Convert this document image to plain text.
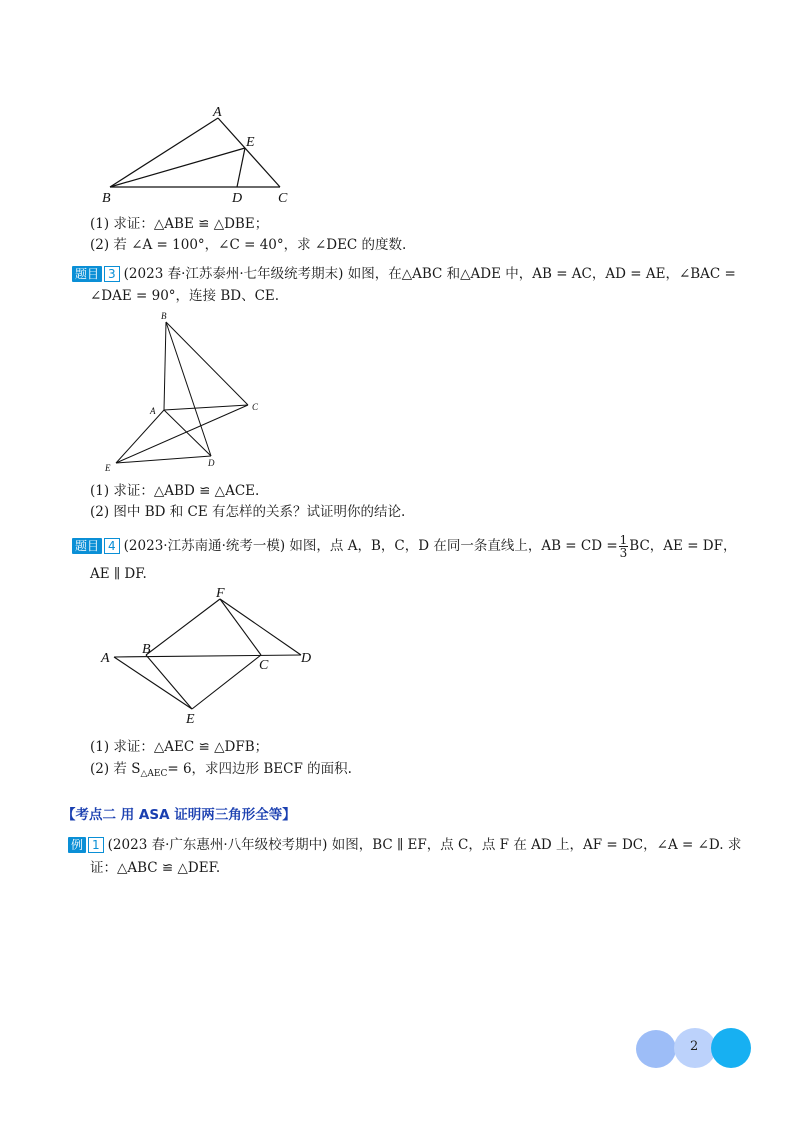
A
E
B	D	C
(1) 求证：△ABE ≌ △DBE；
(2) 若 ∠A = 100°，∠C = 40°，求 ∠DEC 的度数.
题目 3 (2023 春·江苏泰州·七年级统考期末) 如图，在△ABC 和△ADE 中，AB = AC，AD = AE，∠BAC =
∠DAE = 90°，连接 BD、CE.
B
A	C
E	D
(1) 求证：△ABD ≌ △ACE.
(2) 图中 BD 和 CE 有怎样的关系？试证明你的结论.
题目 4 (2023·江苏南通·统考一模) 如图，点 A，B，C，D 在同一条直线上，AB = CD = $\frac{1}{3}$ BC，AE = DF，
AE ∥ DF.
F
A
B
C D
E
(1) 求证：△AEC ≌ △DFB；
(2) 若 $S_{\triangle AEC}= 6$，求四边形 BECF 的面积.
【考点二 用 ASA 证明两三角形全等】
例 1 (2023 春·广东惠州·八年级校考期中) 如图，BC ∥ EF，点 C，点 F 在 AD 上，AF = DC，∠A = ∠D. 求
证：△ABC ≌ △DEF.
2
